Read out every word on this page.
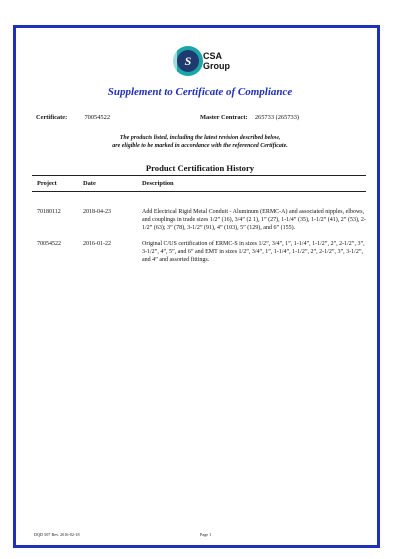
S CSA
Group
Supplement to Certificate of Compliance
Certificate:	70054522	Master Contract: 265733 (265733)
The products listed, including the latest revision described below,
are eligible to be marked in accordance with the referenced Certificate.
Product Certification History
Project	Date	Description
70180112	2018-04-23	Add Electrical Rigid Metal Conduit - Aluminum (ERMC-A) and associated nipples, elbows, and couplings in trade sizes 1/2” (16), 3/4” (2 1), 1” (27), 1-1/4” (35), 1-1/2” (41), 2” (53), 2-1/2” (63); 3” (78), 3-1/2” (91), 4” (103), 5” (129), and 6” (155).
70054522	2016-01-22	Original C/US certification of ERMC-S in sizes 1/2”, 3/4”, 1”, 1-1/4”, 1-1/2”, 2”, 2-1/2”, 3”, 3-1/2”, 4”, 5”, and 6” and EMT in sizes 1/2”, 3/4”, 1”, 1-1/4”, 1-1/2”, 2”, 2-1/2”, 3”, 3-1/2”, and 4” and assorted fittings.
DQD 507 Rev. 2016-02-18	Page 1
